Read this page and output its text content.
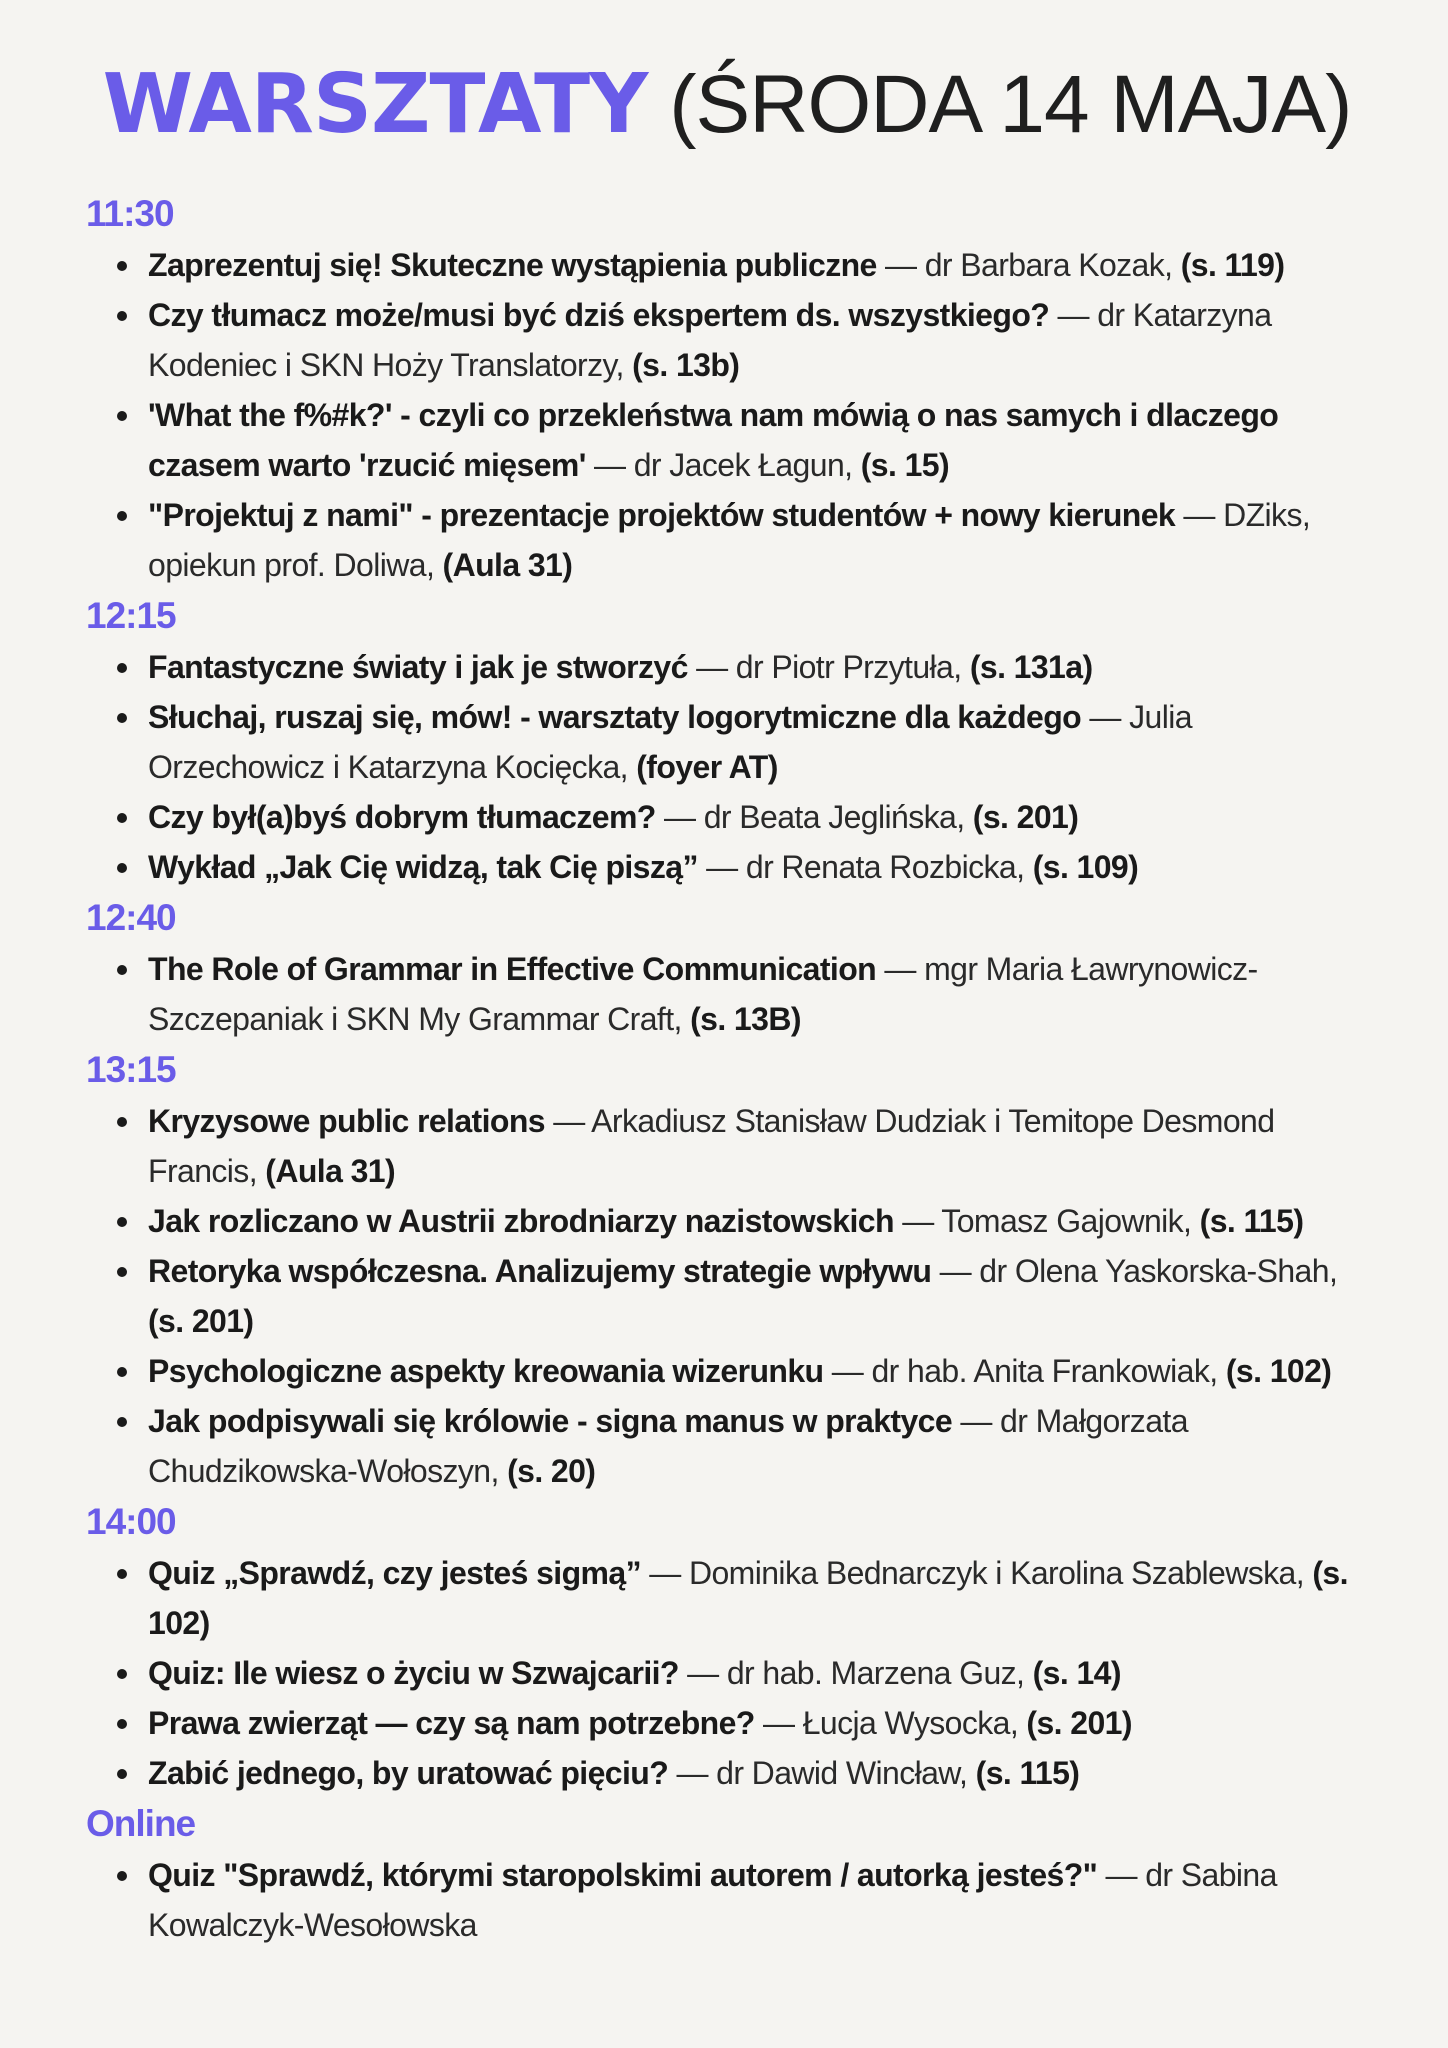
WARSZTATY (ŚRODA 14 MAJA)
11:30
Zaprezentuj się! Skuteczne wystąpienia publiczne — dr Barbara Kozak, (s. 119)
Czy tłumacz może/musi być dziś ekspertem ds. wszystkiego? — dr Katarzyna Kodeniec i SKN Hoży Translatorzy, (s. 13b)
'What the f%#k?' - czyli co przekleństwa nam mówią o nas samych i dlaczego czasem warto 'rzucić mięsem' — dr Jacek Łagun, (s. 15)
"Projektuj z nami" - prezentacje projektów studentów + nowy kierunek — DZiks, opiekun prof. Doliwa, (Aula 31)
12:15
Fantastyczne światy i jak je stworzyć — dr Piotr Przytuła, (s. 131a)
Słuchaj, ruszaj się, mów! - warsztaty logorytmiczne dla każdego — Julia Orzechowicz i Katarzyna Kocięcka, (foyer AT)
Czy był(a)byś dobrym tłumaczem? — dr Beata Jeglińska, (s. 201)
Wykład „Jak Cię widzą, tak Cię piszą” — dr Renata Rozbicka, (s. 109)
12:40
The Role of Grammar in Effective Communication — mgr Maria Ławrynowicz-Szczepaniak i SKN My Grammar Craft, (s. 13B)
13:15
Kryzysowe public relations — Arkadiusz Stanisław Dudziak i Temitope Desmond Francis, (Aula 31)
Jak rozliczano w Austrii zbrodniarzy nazistowskich — Tomasz Gajownik, (s. 115)
Retoryka współczesna. Analizujemy strategie wpływu — dr Olena Yaskorska-Shah, (s. 201)
Psychologiczne aspekty kreowania wizerunku — dr hab. Anita Frankowiak, (s. 102)
Jak podpisywali się królowie - signa manus w praktyce — dr Małgorzata Chudzikowska-Wołoszyn, (s. 20)
14:00
Quiz „Sprawdź, czy jesteś sigmą” — Dominika Bednarczyk i Karolina Szablewska, (s. 102)
Quiz: Ile wiesz o życiu w Szwajcarii? — dr hab. Marzena Guz, (s. 14)
Prawa zwierząt — czy są nam potrzebne? — Łucja Wysocka, (s. 201)
Zabić jednego, by uratować pięciu? — dr Dawid Wincław, (s. 115)
Online
Quiz "Sprawdź, którymi staropolskimi autorem / autorką jesteś?" — dr Sabina Kowalczyk-Wesołowska
